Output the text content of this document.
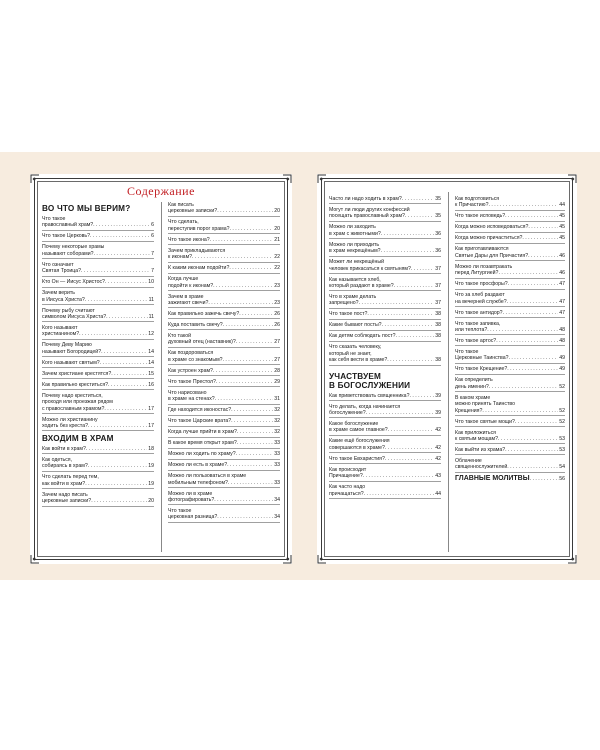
Содержание
ВО ЧТО МЫ ВЕРИМ?
Что такое
православный храм? . . .	6
Что такое Церковь? . . .	6
Почему некоторые храмы
называют соборами? . . .	7
Что означает
Святая Троица? . . .	7
Кто Он — Иисус Христос? . . .	10
Зачем верить
в Иисуса Христа? . . .	11
Почему рыбу считают
символом Иисуса Христа? . . .	11
Кого называют
христианином? . . .	12
Почему Деву Марию
называют Богородицей? . . .	14
Кого называют святым? . . .	14
Зачем христиане крестятся? . . .	15
Как правильно креститься? . . .	16
Почему надо креститься,
проходя или проезжая рядом
с православным храмом? . . .	17
Можно ли христианину
ходить без креста? . . .	17
ВХОДИМ В ХРАМ
Как войти в храм? . . .	18
Как одеться,
собираясь в храм? . . .	19
Что сделать перед тем,
как войти в храм? . . .	19
Зачем надо писать
церковные записки? . . .	20
Как писать
церковные записки? . . .	20
Что сделать,
переступив порог храма? . . .	20
Что такое икона? . . .	21
Зачем прикладываются
к иконам? . . .	22
К каким иконам подойти? . . .	22
Когда лучше
подойти к иконам? . . .	23
Зачем в храме
зажигают свечи? . . .	23
Как правильно зажечь свечу? . . .	26
Куда поставить свечу? . . .	26
Кто такой
духовный отец (наставник)? . . .	27
Как поздороваться
в храме со знакомым? . . .	27
Как устроен храм? . . .	28
Что такое Престол? . . .	29
Что нарисовано
в храме на стенах? . . .	31
Где находится иконостас? . . .	32
Что такое Царские врата? . . .	32
Когда лучше прийти в храм? . . .	32
В какое время открыт храм? . . .	33
Можно ли ходить по храму? . . .	33
Можно ли есть в храме? . . .	33
Можно ли пользоваться в храме
мобильным телефоном? . . .	33
Можно ли в храме
фотографировать? . . .	34
Что такое
церковная разница? . . .	34
Часто ли надо ходить в храм? . . .	35
Могут ли люди других конфессий
посещать православный храм? . . .	35
Можно ли заходить
в храм с животными? . . .	36
Можно ли приходить
в храм некрещёным? . . .	36
Может ли некрещёный
человек прикасаться к святыням? . . .	37
Как называется хлеб,
который раздают в храме? . . .	37
Что в храме делать
запрещено? . . .	37
Что такое пост? . . .	38
Какие бывают посты? . . .	38
Как детям соблюдать пост? . . .	38
Что сказать человеку,
который не знает,
как себя вести в храме? . . .	38
УЧАСТВУЕМ
В БОГОСЛУЖЕНИИ
Как приветствовать священника? . . .	39
Что делать, когда начинается
богослужение? . . .	39
Какое богослужение
в храме самое главное? . . .	42
Какие ещё богослужения
совершаются в храме? . . .	42
Что такое Евхаристия? . . .	42
Как происходит
Причащение? . . .	43
Как часто надо
причащаться? . . .	44
Как подготовиться
к Причастию? . . .	44
Что такое исповедь? . . .	45
Когда можно исповедоваться? . . .	45
Когда можно причаститься? . . .	45
Как приготавливаются
Святые Дары для Причастия? . . .	46
Можно ли позавтракать
перед Литургией? . . .	46
Что такое просфоры? . . .	47
Что за хлеб раздают
на вечерней службе? . . .	47
Что такое антидор? . . .	47
Что такое запивка,
или теплота? . . .	48
Что такое артос? . . .	48
Что такое
Церковные Таинства? . . .	49
Что такое Крещение? . . .	49
Как определить
день именин? . . .	52
В каком храме
можно принять Таинство
Крещения? . . .	52
Что такое святые мощи? . . .	52
Как приложиться
к святым мощам? . . .	53
Как выйти из храма? . . .	53
Облачение
священнослужителей . . .	54
ГЛАВНЫЕ МОЛИТВЫ . . .	56
